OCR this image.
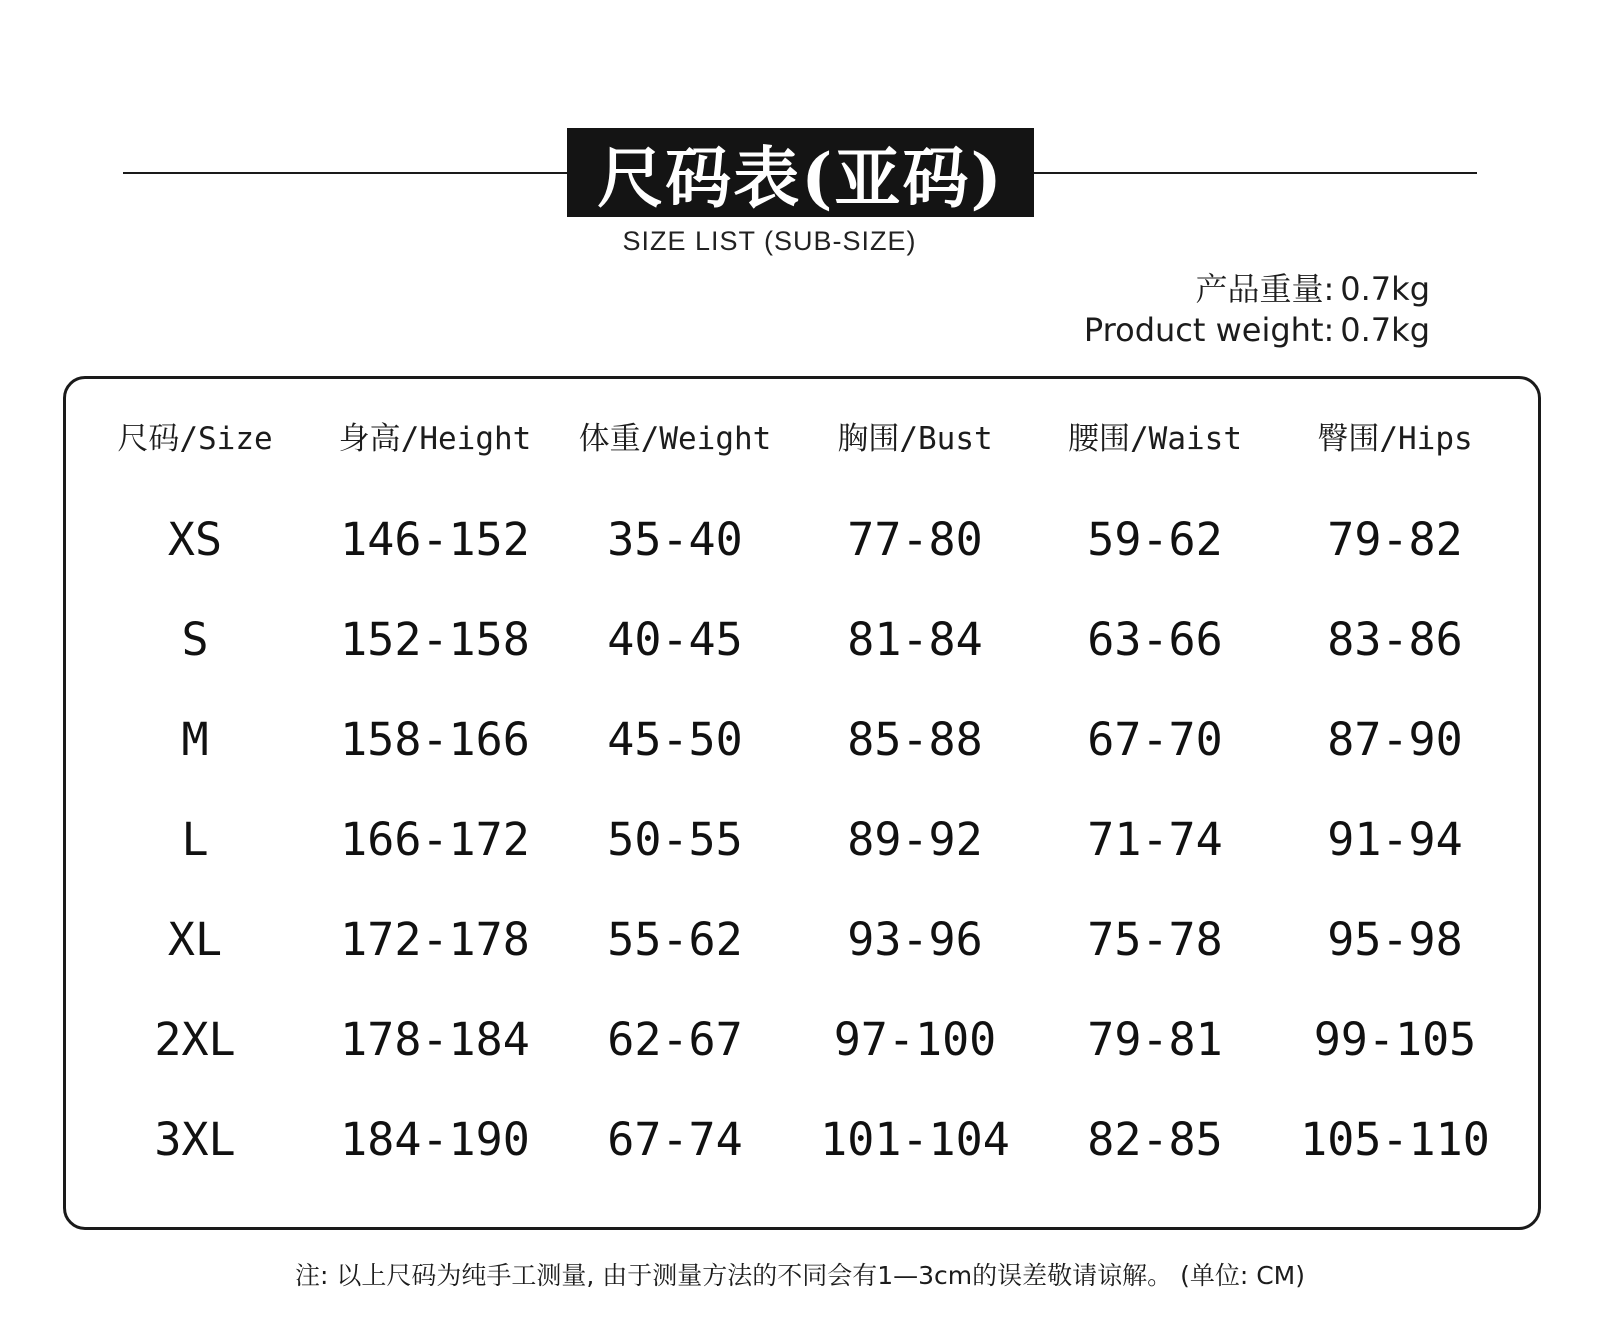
尺码表(亚码)
SIZE LIST (SUB-SIZE)
产品重量: 0.7kg
Product weight: 0.7kg
尺码/Size	身高/Height	体重/Weight	胸围/Bust	腰围/Waist	臀围/Hips
XS	146-152	35-40	77-80	59-62	79-82
S	152-158	40-45	81-84	63-66	83-86
M	158-166	45-50	85-88	67-70	87-90
L	166-172	50-55	89-92	71-74	91-94
XL	172-178	55-62	93-96	75-78	95-98
2XL	178-184	62-67	97-100	79-81	99-105
3XL	184-190	67-74	101-104	82-85	105-110
注: 以上尺码为纯手工测量, 由于测量方法的不同会有1—3cm的误差敬请谅解。 (单位: CM)
